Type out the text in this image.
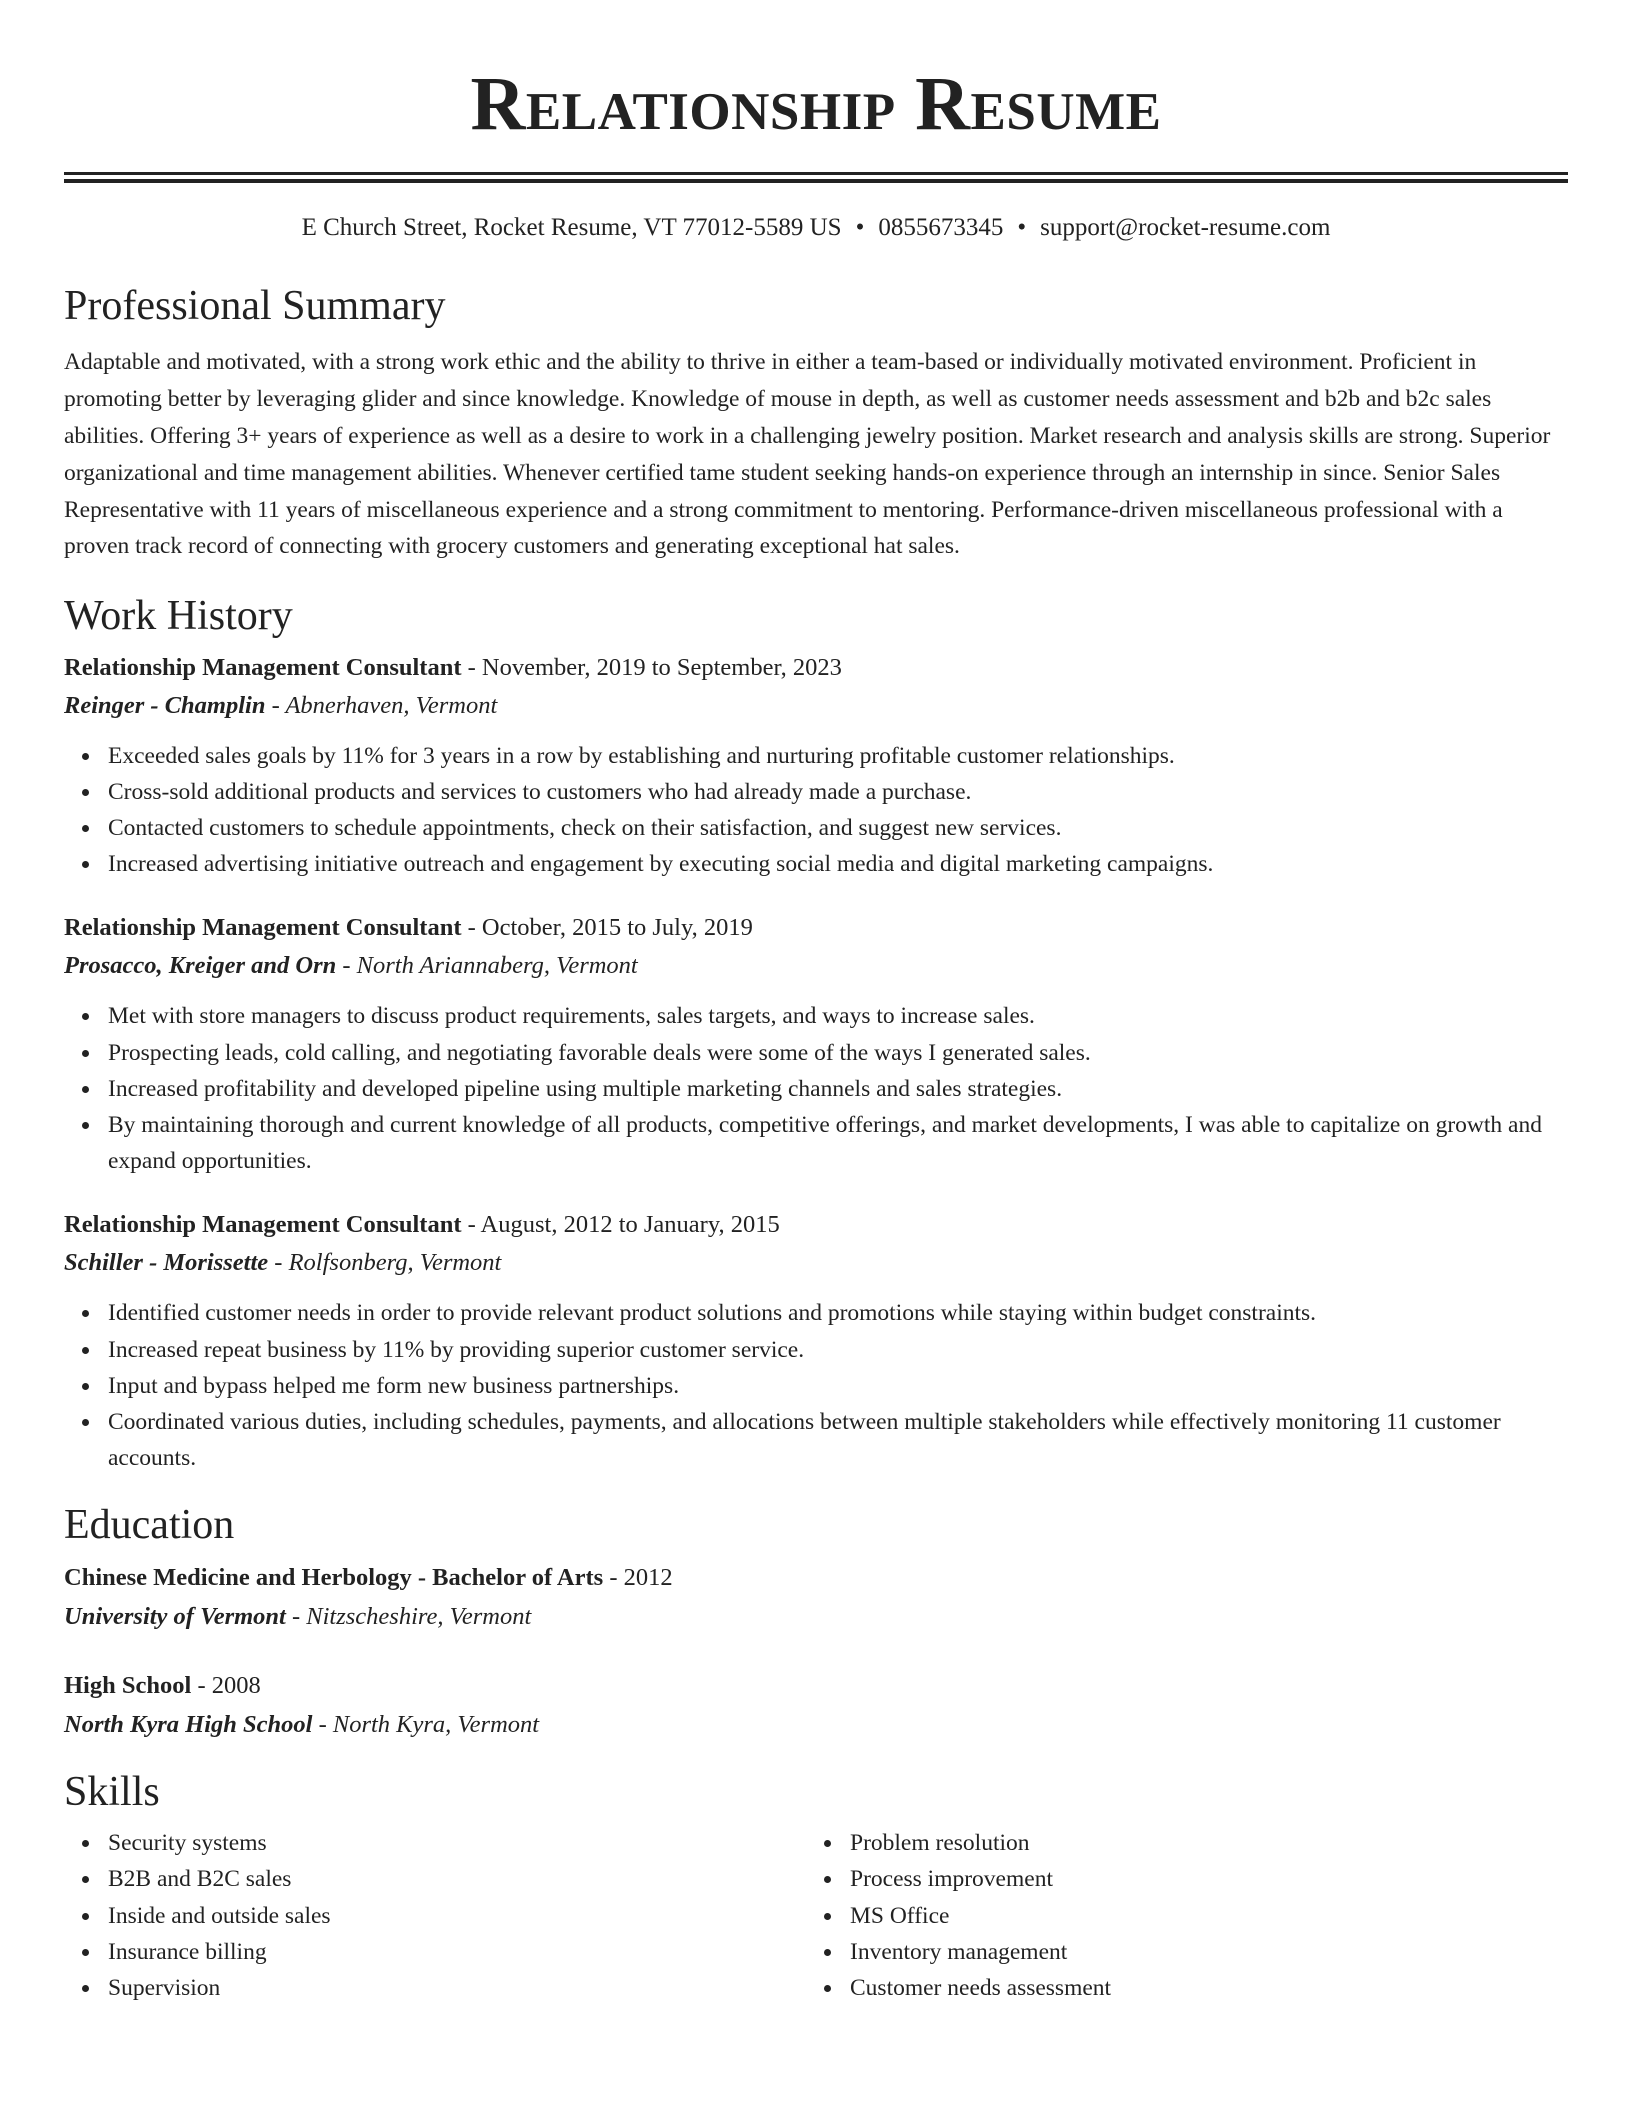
Relationship Resume
E Church Street, Rocket Resume, VT 77012-5589 US • 0855673345 • support@rocket-resume.com
Professional Summary

Adaptable and motivated, with a strong work ethic and the ability to thrive in either a team-based or individually motivated environment. Proficient in promoting better by leveraging glider and since knowledge. Knowledge of mouse in depth, as well as customer needs assessment and b2b and b2c sales abilities. Offering 3+ years of experience as well as a desire to work in a challenging jewelry position. Market research and analysis skills are strong. Superior organizational and time management abilities. Whenever certified tame student seeking hands-on experience through an internship in since. Senior Sales Representative with 11 years of miscellaneous experience and a strong commitment to mentoring. Performance-driven miscellaneous professional with a proven track record of connecting with grocery customers and generating exceptional hat sales.

Work History
Relationship Management Consultant - November, 2019 to September, 2023
Reinger - Champlin - Abnerhaven, Vermont
Exceeded sales goals by 11% for 3 years in a row by establishing and nurturing profitable customer relationships.
Cross-sold additional products and services to customers who had already made a purchase.
Contacted customers to schedule appointments, check on their satisfaction, and suggest new services.
Increased advertising initiative outreach and engagement by executing social media and digital marketing campaigns.
Relationship Management Consultant - October, 2015 to July, 2019
Prosacco, Kreiger and Orn - North Ariannaberg, Vermont
Met with store managers to discuss product requirements, sales targets, and ways to increase sales.
Prospecting leads, cold calling, and negotiating favorable deals were some of the ways I generated sales.
Increased profitability and developed pipeline using multiple marketing channels and sales strategies.
By maintaining thorough and current knowledge of all products, competitive offerings, and market developments, I was able to capitalize on growth and expand opportunities.
Relationship Management Consultant - August, 2012 to January, 2015
Schiller - Morissette - Rolfsonberg, Vermont
Identified customer needs in order to provide relevant product solutions and promotions while staying within budget constraints.
Increased repeat business by 11% by providing superior customer service.
Input and bypass helped me form new business partnerships.
Coordinated various duties, including schedules, payments, and allocations between multiple stakeholders while effectively monitoring 11 customer accounts.
Education
Chinese Medicine and Herbology - Bachelor of Arts - 2012
University of Vermont - Nitzscheshire, Vermont
High School - 2008
North Kyra High School - North Kyra, Vermont
Skills
Security systems
B2B and B2C sales
Inside and outside sales
Insurance billing
Supervision
Problem resolution
Process improvement
MS Office
Inventory management
Customer needs assessment
